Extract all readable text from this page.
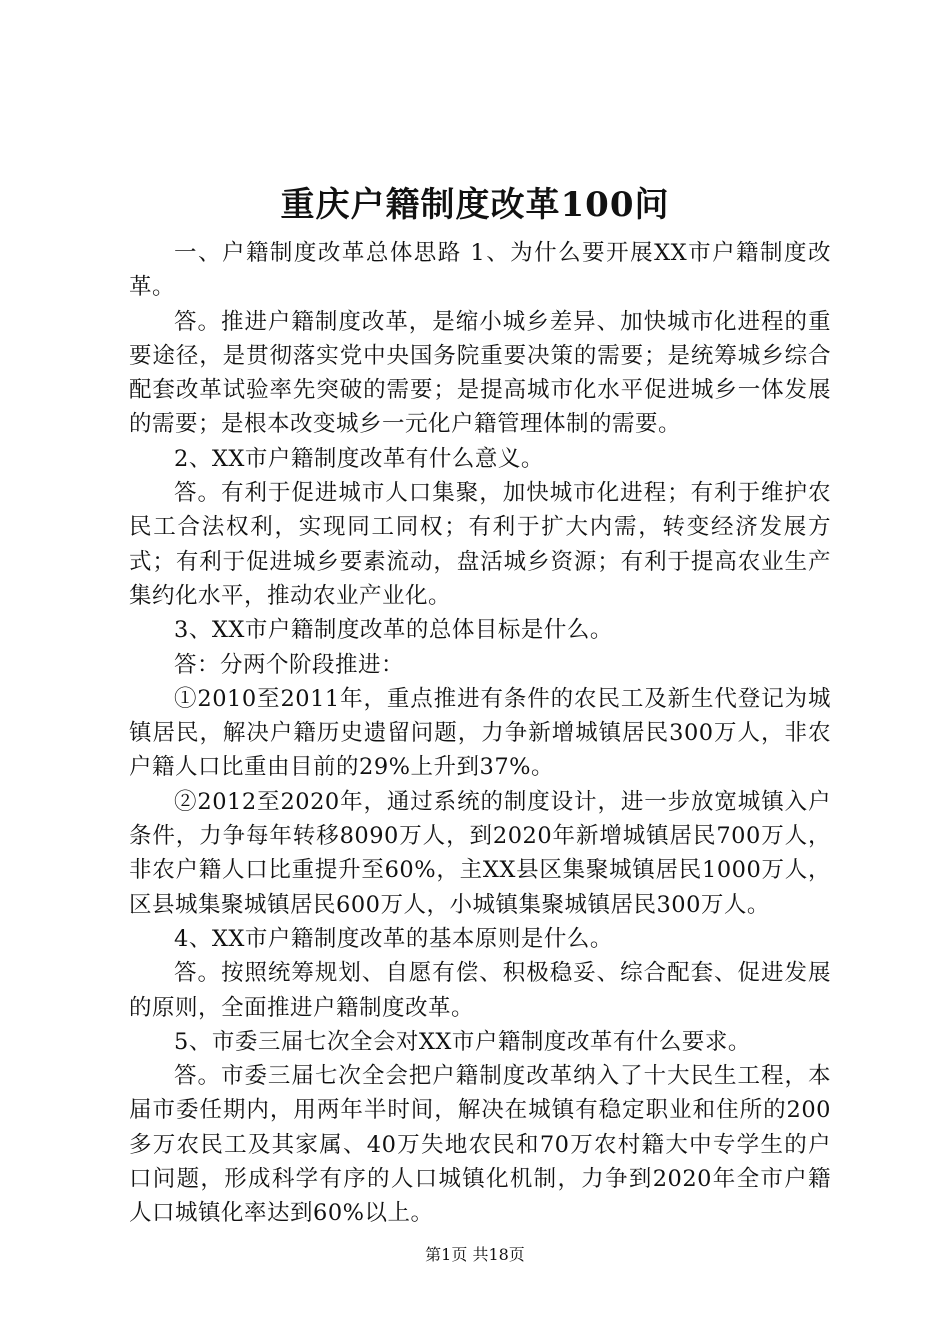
重庆户籍制度改革100问

一、户籍制度改革总体思路 1、为什么要开展XX市户籍制度改革。

答。推进户籍制度改革，是缩小城乡差异、加快城市化进程的重要途径，是贯彻落实党中央国务院重要决策的需要；是统筹城乡综合配套改革试验率先突破的需要；是提高城市化水平促进城乡一体发展的需要；是根本改变城乡一元化户籍管理体制的需要。

2、XX市户籍制度改革有什么意义。

答。有利于促进城市人口集聚，加快城市化进程；有利于维护农民工合法权利，实现同工同权；有利于扩大内需，转变经济发展方式；有利于促进城乡要素流动，盘活城乡资源；有利于提高农业生产集约化水平，推动农业产业化。

3、XX市户籍制度改革的总体目标是什么。

答：分两个阶段推进：

①2010至2011年，重点推进有条件的农民工及新生代登记为城镇居民，解决户籍历史遗留问题，力争新增城镇居民300万人，非农户籍人口比重由目前的29%上升到37%。

②2012至2020年，通过系统的制度设计，进一步放宽城镇入户条件，力争每年转移8090万人，到2020年新增城镇居民700万人，非农户籍人口比重提升至60%，主XX县区集聚城镇居民1000万人，区县城集聚城镇居民600万人，小城镇集聚城镇居民300万人。

4、XX市户籍制度改革的基本原则是什么。

答。按照统筹规划、自愿有偿、积极稳妥、综合配套、促进发展的原则，全面推进户籍制度改革。

5、市委三届七次全会对XX市户籍制度改革有什么要求。

答。市委三届七次全会把户籍制度改革纳入了十大民生工程，本届市委任期内，用两年半时间，解决在城镇有稳定职业和住所的200多万农民工及其家属、40万失地农民和70万农村籍大中专学生的户口问题，形成科学有序的人口城镇化机制，力争到2020年全市户籍人口城镇化率达到60%以上。

第1页 共18页
